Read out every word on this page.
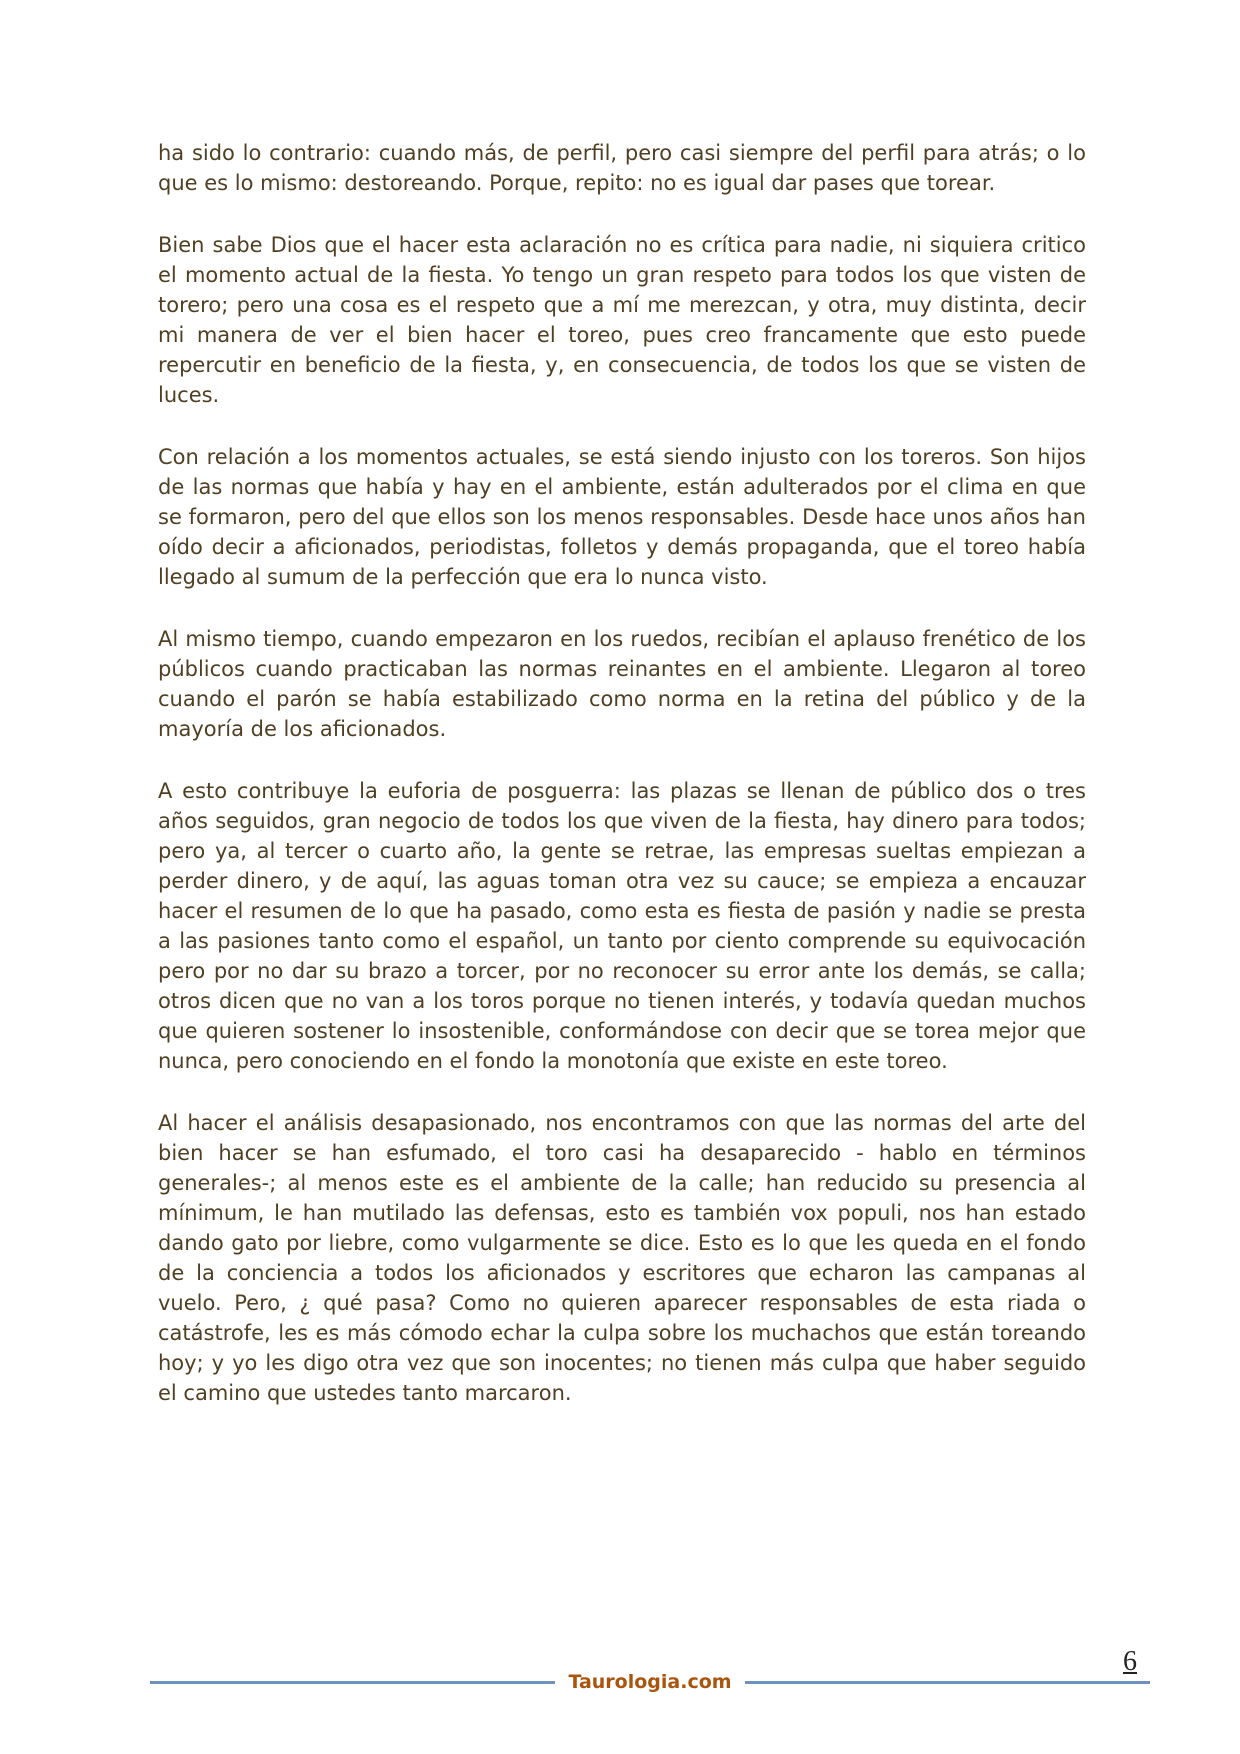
ha sido lo contrario: cuando más, de perfil, pero casi siempre del perfil para atrás; o lo que es lo mismo: destoreando. Porque, repito: no es igual dar pases que torear.

Bien sabe Dios que el hacer esta aclaración no es crítica para nadie, ni siquiera critico el momento actual de la fiesta. Yo tengo un gran respeto para todos los que visten de torero; pero una cosa es el respeto que a mí me merezcan, y otra, muy distinta, decir mi manera de ver el bien hacer el toreo, pues creo francamente que esto puede repercutir en beneficio de la fiesta, y, en consecuencia, de todos los que se visten de luces.

Con relación a los momentos actuales, se está siendo injusto con los toreros. Son hijos de las normas que había y hay en el ambiente, están adulterados por el clima en que se formaron, pero del que ellos son los menos responsables. Desde hace unos años han oído decir a aficionados, periodistas, folletos y demás propaganda, que el toreo había llegado al sumum de la perfección que era lo nunca visto.

Al mismo tiempo, cuando empezaron en los ruedos, recibían el aplauso frenético de los públicos cuando practicaban las normas reinantes en el ambiente. Llegaron al toreo cuando el parón se había estabilizado como norma en la retina del público y de la mayoría de los aficionados.

A esto contribuye la euforia de posguerra: las plazas se llenan de público dos o tres años seguidos, gran negocio de todos los que viven de la fiesta, hay dinero para todos; pero ya, al tercer o cuarto año, la gente se retrae, las empresas sueltas empiezan a perder dinero, y de aquí, las aguas toman otra vez su cauce; se empieza a encauzar hacer el resumen de lo que ha pasado, como esta es fiesta de pasión y nadie se presta a las pasiones tanto como el español, un tanto por ciento comprende su equivocación pero por no dar su brazo a torcer, por no reconocer su error ante los demás, se calla; otros dicen que no van a los toros porque no tienen interés, y todavía quedan muchos que quieren sostener lo insostenible, conformándose con decir que se torea mejor que nunca, pero conociendo en el fondo la monotonía que existe en este toreo.

Al hacer el análisis desapasionado, nos encontramos con que las normas del arte del bien hacer se han esfumado, el toro casi ha desaparecido - hablo en términos generales-; al menos este es el ambiente de la calle; han reducido su presencia al mínimum, le han mutilado las defensas, esto es también vox populi, nos han estado dando gato por liebre, como vulgarmente se dice. Esto es lo que les queda en el fondo de la conciencia a todos los aficionados y escritores que echaron las campanas al vuelo. Pero, ¿ qué pasa? Como no quieren aparecer responsables de esta riada o catástrofe, les es más cómodo echar la culpa sobre los muchachos que están toreando hoy; y yo les digo otra vez que son inocentes; no tienen más culpa que haber seguido el camino que ustedes tanto marcaron.

6
Taurologia.com
